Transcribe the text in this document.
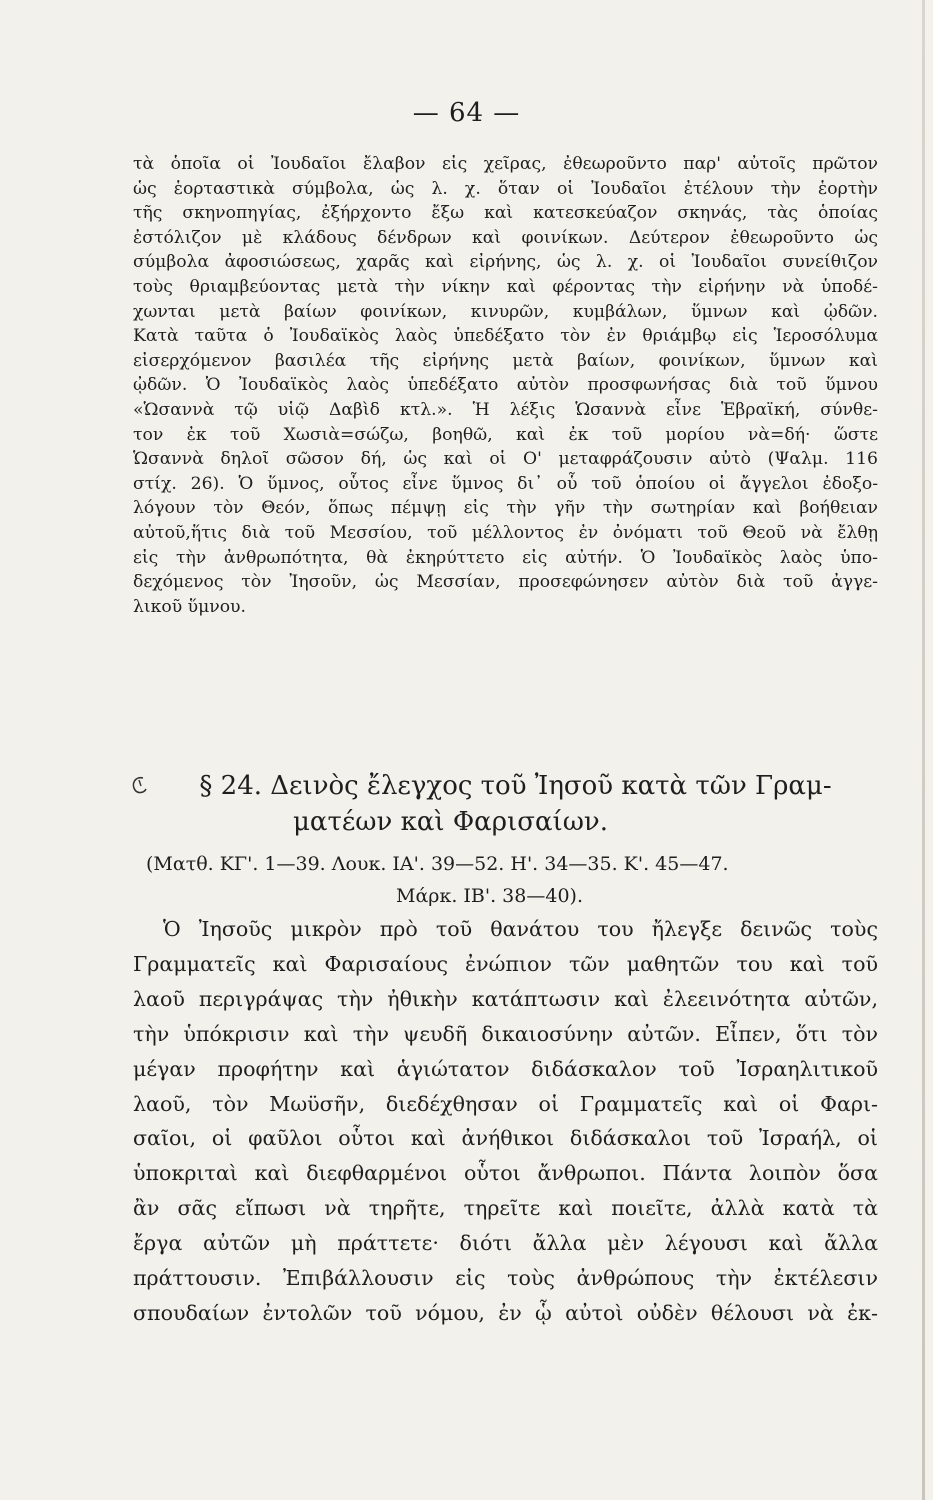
— 64 —
τὰ ὁποῖα οἱ Ἰουδαῖοι ἔλαβον εἰς χεῖρας, ἐθεωροῦντο παρ' αὐτοῖς πρῶτον
ὡς ἑορταστικὰ σύμβολα, ὡς λ. χ. ὅταν οἱ Ἰουδαῖοι ἐτέλουν τὴν ἑορτὴν
τῆς σκηνοπηγίας, ἐξήρχοντο ἔξω καὶ κατεσκεύαζον σκηνάς, τὰς ὁποίας
ἐστόλιζον μὲ κλάδους δένδρων καὶ φοινίκων. Δεύτερον ἐθεωροῦντο ὡς
σύμβολα ἀφοσιώσεως, χαρᾶς καὶ εἰρήνης, ὡς λ. χ. οἱ Ἰουδαῖοι συνείθιζον
τοὺς θριαμβεύοντας μετὰ τὴν νίκην καὶ φέροντας τὴν εἰρήνην νὰ ὑποδέ-
χωνται μετὰ βαίων φοινίκων, κινυρῶν, κυμβάλων, ὕμνων καὶ ᾠδῶν.
Κατὰ ταῦτα ὁ Ἰουδαϊκὸς λαὸς ὑπεδέξατο τὸν ἐν θριάμβῳ εἰς Ἱεροσόλυμα
εἰσερχόμενον βασιλέα τῆς εἰρήνης μετὰ βαίων, φοινίκων, ὕμνων καὶ
ᾠδῶν. Ὁ Ἰουδαϊκὸς λαὸς ὑπεδέξατο αὐτὸν προσφωνήσας διὰ τοῦ ὕμνου
«Ὡσαννὰ τῷ υἱῷ Δαβὶδ κτλ.». Ἡ λέξις Ὡσαννὰ εἶνε Ἑβραϊκή, σύνθε-
τον ἐκ τοῦ Χωσιὰ=σώζω, βοηθῶ, καὶ ἐκ τοῦ μορίου νὰ=δή· ὥστε
Ὡσαννὰ δηλοῖ σῶσον δή, ὡς καὶ οἱ Ο' μεταφράζουσιν αὐτὸ (Ψαλμ. 116
στίχ. 26). Ὁ ὕμνος, οὗτος εἶνε ὕμνος δι᾽ οὗ τοῦ ὁποίου οἱ ἄγγελοι ἐδοξο-
λόγουν τὸν Θεόν, ὅπως πέμψῃ εἰς τὴν γῆν τὴν σωτηρίαν καὶ βοήθειαν
αὐτοῦ,ἥτις διὰ τοῦ Μεσσίου, τοῦ μέλλοντος ἐν ὀνόματι τοῦ Θεοῦ νὰ ἔλθῃ
εἰς τὴν ἀνθρωπότητα, θὰ ἐκηρύττετο εἰς αὐτήν. Ὁ Ἰουδαϊκὸς λαὸς ὑπο-
δεχόμενος τὸν Ἰησοῦν, ὡς Μεσσίαν, προσεφώνησεν αὐτὸν διὰ τοῦ ἀγγε-
λικοῦ ὕμνου.
§ 24. Δεινὸς ἔλεγχος τοῦ Ἰησοῦ κατὰ τῶν Γραμ-
ματέων καὶ Φαρισαίων.
(Ματθ. ΚΓ'. 1—39. Λουκ. ΙΑ'. 39—52. Η'. 34—35. Κ'. 45—47.
Μάρκ. ΙΒ'. 38—40).
Ὁ Ἰησοῦς μικρὸν πρὸ τοῦ θανάτου του ἤλεγξε δεινῶς τοὺς
Γραμματεῖς καὶ Φαρισαίους ἐνώπιον τῶν μαθητῶν του καὶ τοῦ
λαοῦ περιγράψας τὴν ἠθικὴν κατάπτωσιν καὶ ἐλεεινότητα αὐτῶν,
τὴν ὑπόκρισιν καὶ τὴν ψευδῆ δικαιοσύνην αὐτῶν. Εἶπεν, ὅτι τὸν
μέγαν προφήτην καὶ ἁγιώτατον διδάσκαλον τοῦ Ἰσραηλιτικοῦ
λαοῦ, τὸν Μωϋσῆν, διεδέχθησαν οἱ Γραμματεῖς καὶ οἱ Φαρι-
σαῖοι, οἱ φαῦλοι οὗτοι καὶ ἀνήθικοι διδάσκαλοι τοῦ Ἰσραήλ, οἱ
ὑποκριταὶ καὶ διεφθαρμένοι οὗτοι ἄνθρωποι. Πάντα λοιπὸν ὅσα
ἂν σᾶς εἴπωσι νὰ τηρῆτε, τηρεῖτε καὶ ποιεῖτε, ἀλλὰ κατὰ τὰ
ἔργα αὐτῶν μὴ πράττετε· διότι ἄλλα μὲν λέγουσι καὶ ἄλλα
πράττουσιν. Ἐπιβάλλουσιν εἰς τοὺς ἀνθρώπους τὴν ἐκτέλεσιν
σπουδαίων ἐντολῶν τοῦ νόμου, ἐν ᾧ αὐτοὶ οὐδὲν θέλουσι νὰ ἐκ-
